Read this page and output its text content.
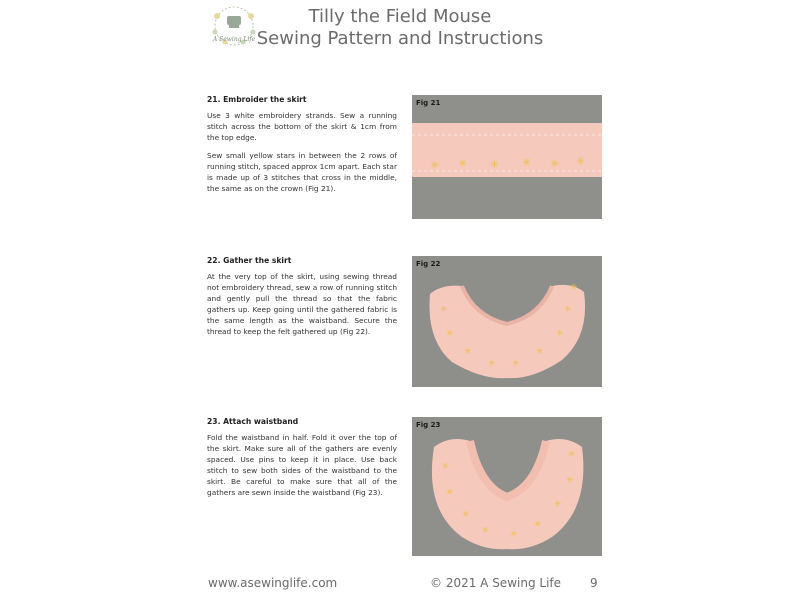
A Sewing Life
Tilly the Field Mouse
Sewing Pattern and Instructions
21. Embroider the skirt

Use 3 white embroidery strands. Sew a running stitch across the bottom of the skirt & 1cm from the top edge.

Sew small yellow stars in between the 2 rows of running stitch, spaced approx 1cm apart. Each star is made up of 3 stitches that cross in the middle, the same as on the crown (Fig 21).

✳ ✳ ✳ ✳ ✳ ✳
Fig 21
22. Gather the skirt

At the very top of the skirt, using sewing thread not embroidery thread, sew a row of running stitch and gently pull the thread so that the fabric gathers up. Keep going until the gathered fabric is the same length as the waistband. Secure the thread to keep the felt gathered up (Fig 22).

✳
✳
✳
✳ ✳
✳
✳
✳
✳
Fig 22
23. Attach waistband

Fold the waistband in half. Fold it over the top of the skirt. Make sure all of the gathers are evenly spaced. Use pins to keep it in place. Use back stitch to sew both sides of the waistband to the skirt. Be careful to make sure that all of the gathers are sewn inside the waistband (Fig 23).

✳
✳
✳
✳ ✳
✳
✳
✳
✳
Fig 23
www.asewinglife.com	© 2021 A Sewing Life 9
